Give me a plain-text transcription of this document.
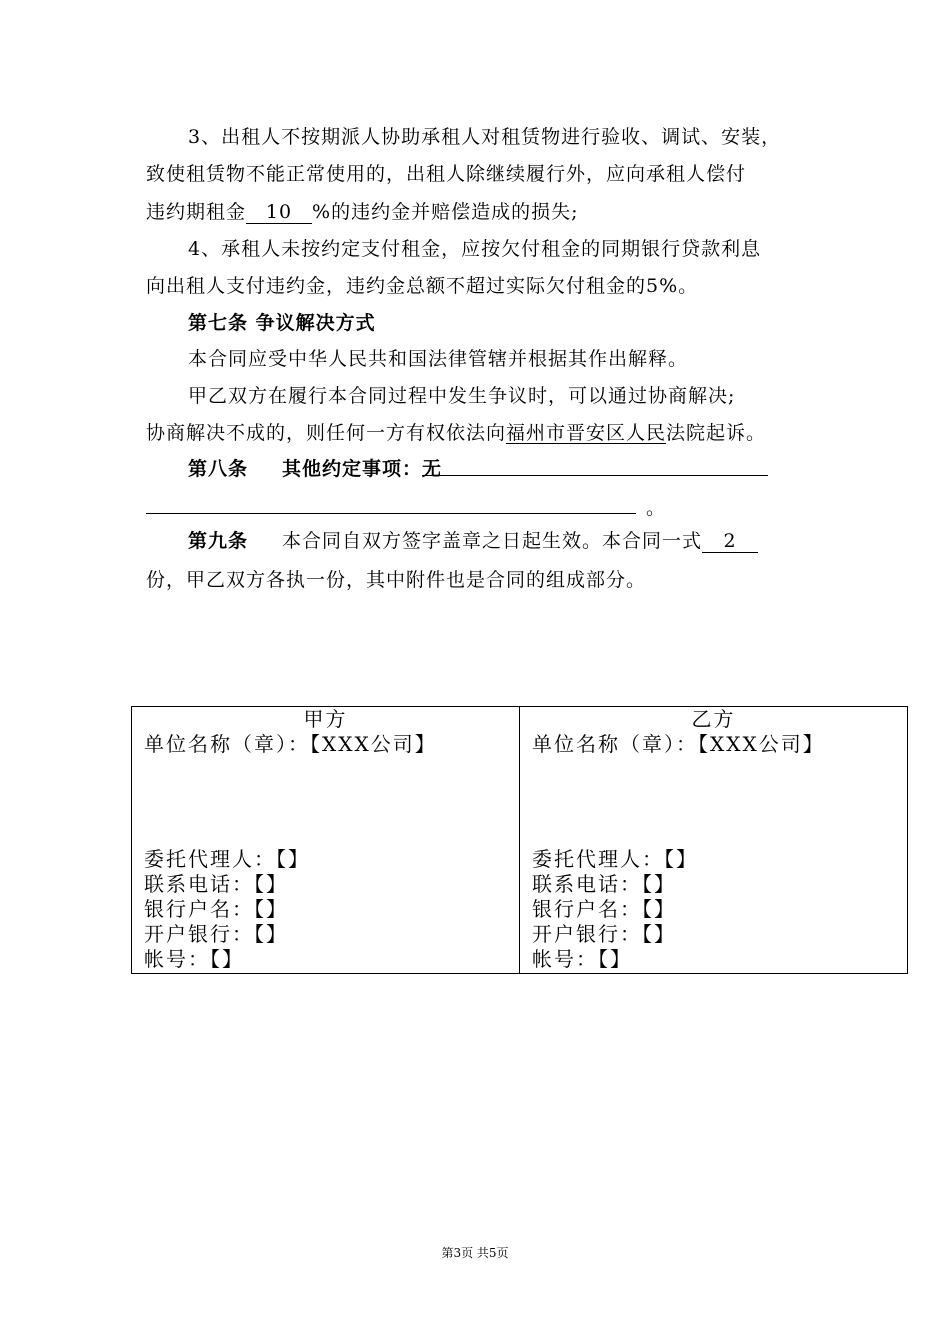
3、出租人不按期派人协助承租人对租赁物进行验收、调试、安装，
致使租赁物不能正常使用的，出租人除继续履行外，应向承租人偿付
违约期租金 10 %的违约金并赔偿造成的损失;
4、承租人未按约定支付租金，应按欠付租金的同期银行贷款利息
向出租人支付违约金，违约金总额不超过实际欠付租金的5%。
第七条 争议解决方式
本合同应受中华人民共和国法律管辖并根据其作出解释。
甲乙双方在履行本合同过程中发生争议时，可以通过协商解决;
协商解决不成的，则任何一方有权依法向福州市晋安区人民法院起诉。
第八条 其他约定事项：无
。
第九条 本合同自双方签字盖章之日起生效。本合同一式 2
份，甲乙双方各执一份，其中附件也是合同的组成部分。
甲方
单位名称（章）：【XXX公司】
委托代理人：【】
联系电话：【】
银行户名：【】
开户银行：【】
帐号：【】

乙方
单位名称（章）：【XXX公司】
委托代理人：【】
联系电话：【】
银行户名：【】
开户银行：【】
帐号：【】
第3页 共5页
